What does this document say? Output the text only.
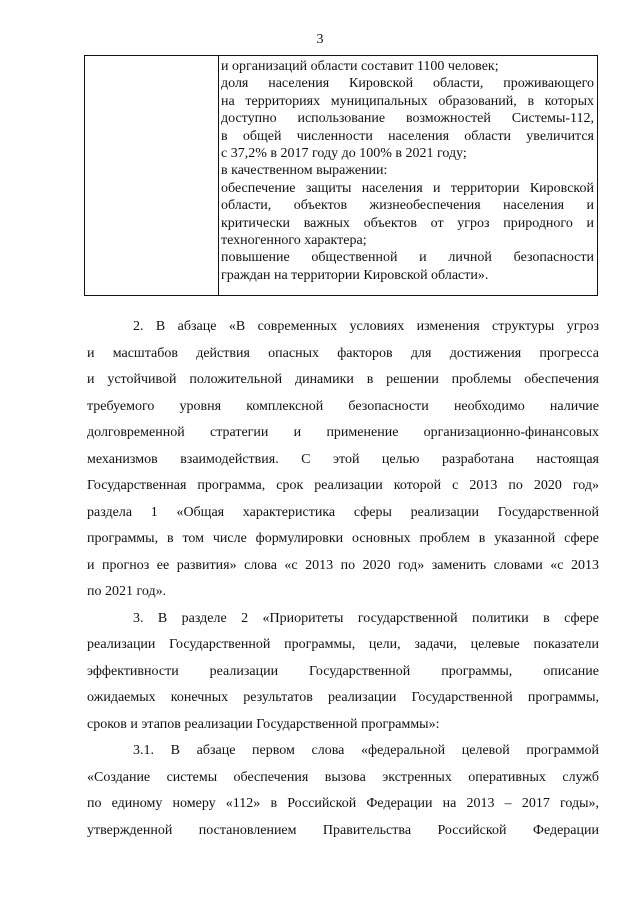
3
и организаций области составит 1100 человек;
доля населения Кировской области, проживающего
на территориях муниципальных образований, в которых
доступно использование возможностей Системы-112,
в общей численности населения области увеличится
с 37,2% в 2017 году до 100% в 2021 году;
в качественном выражении:
обеспечение защиты населения и территории Кировской
области, объектов жизнеобеспечения населения и
критически важных объектов от угроз природного и
техногенного характера;
повышение общественной и личной безопасности
граждан на территории Кировской области».
2. В абзаце «В современных условиях изменения структуры угроз
и масштабов действия опасных факторов для достижения прогресса
и устойчивой положительной динамики в решении проблемы обеспечения
требуемого уровня комплексной безопасности необходимо наличие
долговременной стратегии и применение организационно-финансовых
механизмов взаимодействия. С этой целью разработана настоящая
Государственная программа, срок реализации которой с 2013 по 2020 год»
раздела 1 «Общая характеристика сферы реализации Государственной
программы, в том числе формулировки основных проблем в указанной сфере
и прогноз ее развития» слова «с 2013 по 2020 год» заменить словами «с 2013
по 2021 год».
3. В разделе 2 «Приоритеты государственной политики в сфере
реализации Государственной программы, цели, задачи, целевые показатели
эффективности реализации Государственной программы, описание
ожидаемых конечных результатов реализации Государственной программы,
сроков и этапов реализации Государственной программы»:
3.1. В абзаце первом слова «федеральной целевой программой
«Создание системы обеспечения вызова экстренных оперативных служб
по единому номеру «112» в Российской Федерации на 2013 – 2017 годы»,
утвержденной постановлением Правительства Российской Федерации
